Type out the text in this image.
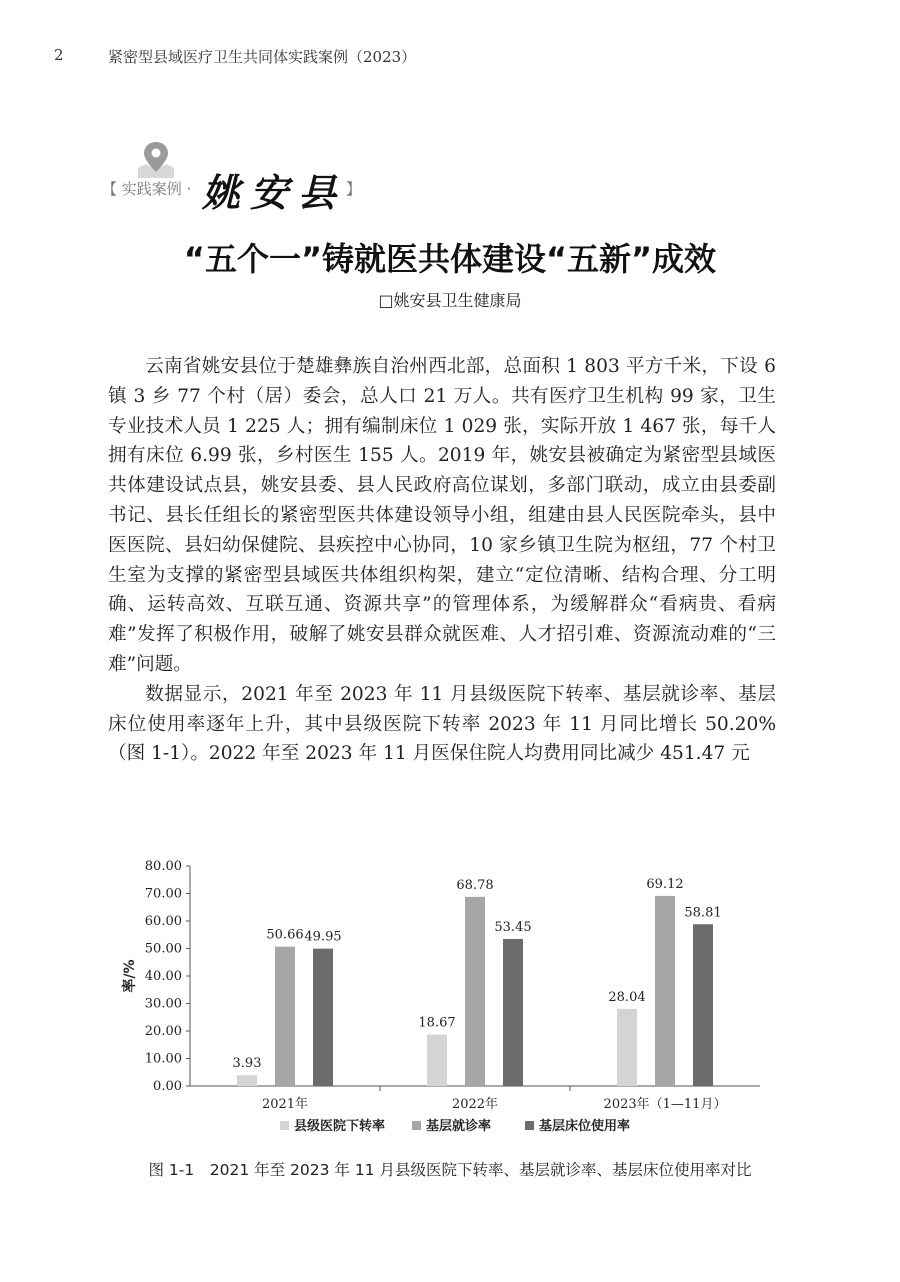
2	紧密型县域医疗卫生共同体实践案例（2023）
【 实践案例 · 姚安县 】
“五个一”铸就医共体建设“五新”成效
□姚安县卫生健康局

云南省姚安县位于楚雄彝族自治州西北部，总面积 1 803 平方千米，下设 6 镇 3 乡 77 个村（居）委会，总人口 21 万人。共有医疗卫生机构 99 家，卫生专业技术人员 1 225 人；拥有编制床位 1 029 张，实际开放 1 467 张，每千人拥有床位 6.99 张，乡村医生 155 人。2019 年，姚安县被确定为紧密型县域医共体建设试点县，姚安县委、县人民政府高位谋划，多部门联动，成立由县委副书记、县长任组长的紧密型医共体建设领导小组，组建由县人民医院牵头，县中医医院、县妇幼保健院、县疾控中心协同，10 家乡镇卫生院为枢纽，77 个村卫生室为支撑的紧密型县域医共体组织构架，建立“定位清晰、结构合理、分工明确、运转高效、互联互通、资源共享”的管理体系，为缓解群众“看病贵、看病难”发挥了积极作用，破解了姚安县群众就医难、人才招引难、资源流动难的“三难”问题。

数据显示，2021 年至 2023 年 11 月县级医院下转率、基层就诊率、基层床位使用率逐年上升，其中县级医院下转率 2023 年 11 月同比增长 50.20%（图 1-1）。2022 年至 2023 年 11 月医保住院人均费用同比减少 451.47 元

0.00
10.00
20.00
30.00
40.00
50.00
60.00
70.00
80.00
率/%
3.93
50.66 49.95
2021年
18.67
68.78
53.45
2022年
28.04
69.12
58.81
2023年（1—11月）
县级医院下转率	基层就诊率	基层床位使用率
图 1-1　2021 年至 2023 年 11 月县级医院下转率、基层就诊率、基层床位使用率对比
